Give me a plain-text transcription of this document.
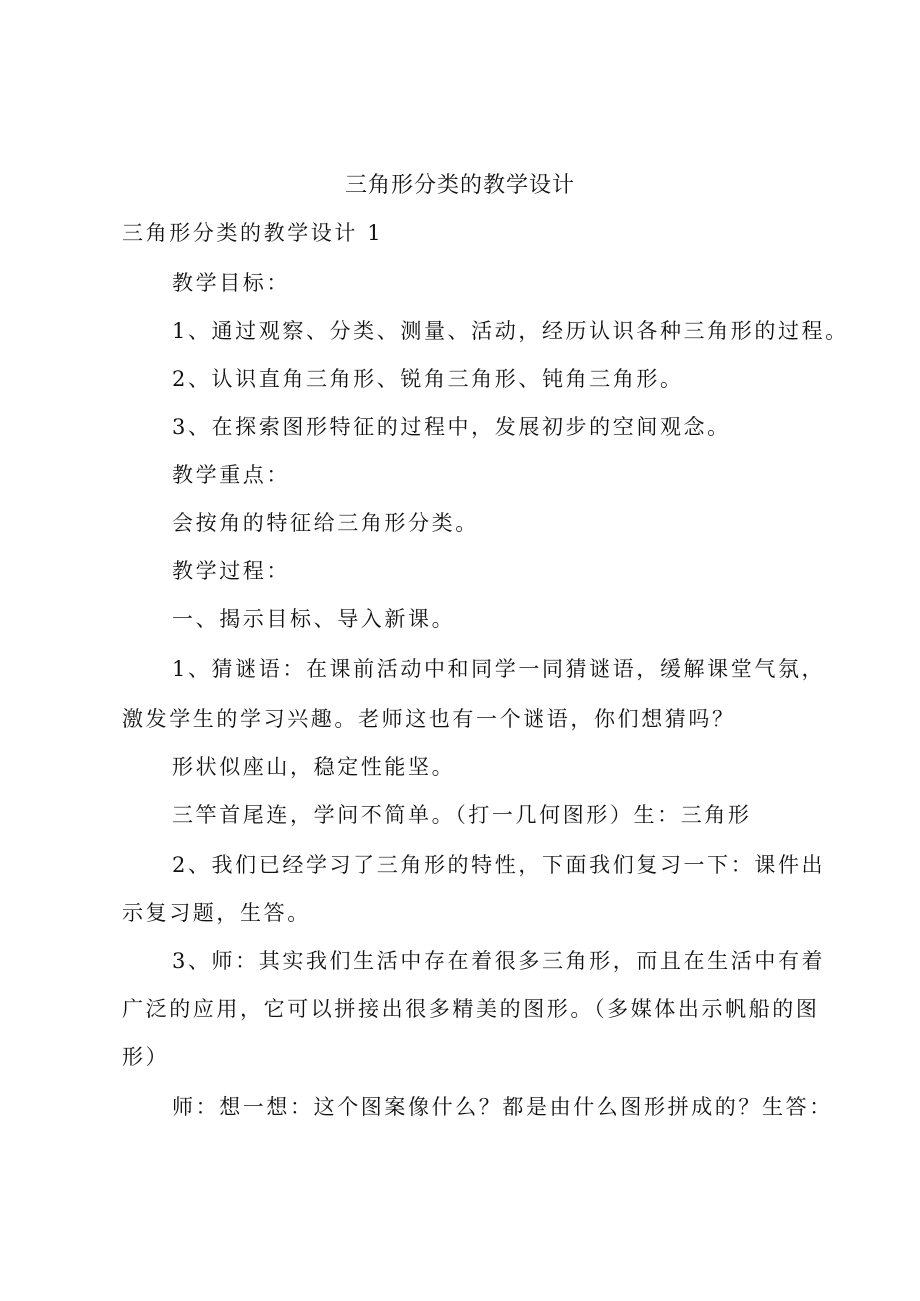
三角形分类的教学设计
三角形分类的教学设计 1
教学目标：
1、通过观察、分类、测量、活动，经历认识各种三角形的过程。
2、认识直角三角形、锐角三角形、钝角三角形。
3、在探索图形特征的过程中，发展初步的空间观念。
教学重点：
会按角的特征给三角形分类。
教学过程：
一、揭示目标、导入新课。
1、猜谜语：在课前活动中和同学一同猜谜语，缓解课堂气氛，
激发学生的学习兴趣。老师这也有一个谜语，你们想猜吗？
形状似座山，稳定性能坚。
三竿首尾连，学问不简单。（打一几何图形）生：三角形
2、我们已经学习了三角形的特性，下面我们复习一下：课件出
示复习题，生答。
3、师：其实我们生活中存在着很多三角形，而且在生活中有着
广泛的应用，它可以拼接出很多精美的图形。（多媒体出示帆船的图
形）
师：想一想：这个图案像什么？都是由什么图形拼成的？生答：
